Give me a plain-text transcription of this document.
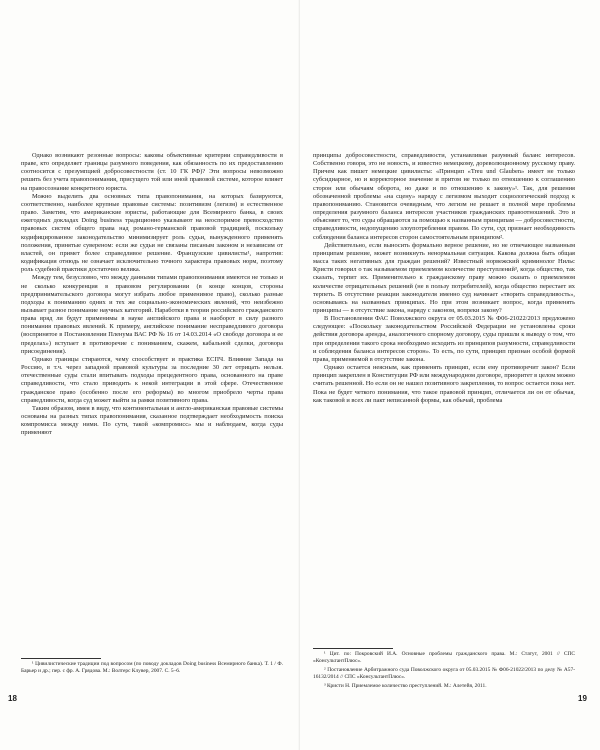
Однако возникают резонные вопросы: каковы объективные критерии справедливости в праве, кто определяет границы разумного поведения, как обязанность по их предоставлению соотносится с презумпцией добросовестности (ст. 10 ГК РФ)? Эти вопросы невозможно решить без учета правопонимания, присущего той или иной правовой системе, которое влияет на правосознание конкретного юриста.

Можно выделить два основных типа правопонимания, на которых базируются, соответственно, наиболее крупные правовые системы: позитивизм (легизм) и естественное право. Заметим, что американские юристы, работающие для Всемирного банка, в своих ежегодных докладах Doing business традиционно указывают на неоспоримое превосходство правовых систем общего права над романо-германской правовой традицией, поскольку кодифицированное законодательство минимизирует роль судьи, вынужденного применять положения, принятые сувереном: если же судьи не связаны писаным законом и независим от властей, он примет более справедливое решение. Французские цивилисты¹, напротив: кодификация отнюдь не означает исключительно точного характера правовых норм, поэтому роль судебной практики достаточно велика.

Между тем, безусловно, что между данными типами правопонимания имеются не только и не сколько конкуренция в правовом регулировании (в конце концов, стороны предпринимательского договора могут избрать любое применимое право), сколько разные подходы к пониманию одних и тех же социально-экономических явлений, что неизбежно вызывает разное понимание научных категорий. Наработки в теории российского гражданского права вряд ли будут применимы в науке английского права и наоборот в силу разного понимания правовых явлений. К примеру, английское понимание несправедливого договора (воспринятое в Постановлении Пленума ВАС РФ № 16 от 14.03.2014 «О свободе договора и ее пределах») вступает в противоречие с пониманием, скажем, кабальной сделки, договора присоединения).

Однако границы стираются, чему способствует и практика ЕСПЧ. Влияние Запада на Россию, в т.ч. через западной правовой культуры за последние 30 лет отрицать нельзя. отечественные суды стали впитывать подходы прецедентного права, основанного на праве справедливости, что стало приводить к некой интеграции в этой сфере. Отечественное гражданское право (особенно после его реформы) во многом приобрело черты права справедливости, когда суд может выйти за рамки позитивного права.

Таким образом, имея в виду, что континентальная и англо-американская правовые системы основаны на разных типах правопонимания, сказанное подтверждает необходимость поиска компромисса между ними. По сути, такой «компромисс» мы и наблюдаем, когда суды применяют

¹ Цивилистические традиции под вопросом (по поводу докладов Doing business Всемирного банка). Т. 1 / Ф. Барьер и др.; пер. с фр. А. Грядова. М.: Волтерс Клувер, 2007. С. 5–6.

18

принципы добросовестности, справедливости, устанавливая разумный баланс интересов. Собственно говоря, это не новость, и известно немецкому, дореволюционному русскому праву. Причем как пишет немецкие цивилисты: «Принцип «Treu und Glauben» имеет не только субсидиарное, но и корректорное значение и притом не только по отношению к соглашению сторон или обычаям оборота, но даже и по отношению к закону»¹. Так, для решения обозначенной проблемы «на сцену» наряду с легизмом выходит социологический подход к правопониманию. Становится очевидным, что легизм не решает в полной мере проблемы определения разумного баланса интересов участников гражданских правоотношений. Это и объясняет то, что суды обращаются за помощью к названным принципам — добросовестности, справедливости, недопущению злоупотребления правом. По сути, суд признает необходимость соблюдения баланса интересов сторон самостоятельным принципом².

Действительно, если выносить формально верное решение, но не отвечающее названным принципам решение, может возникнуть ненормальная ситуация. Какова должна быть общая масса таких негативных для граждан решений? Известный норвежский криминолог Нильс Кристи говорил о так называемом приемлемом количестве преступлений³, когда общество, так сказать, терпит их. Применительно к гражданскому праву можно сказать о приемлемом количестве отрицательных решений (не в пользу потребителей), когда общество перестает их терпеть. В отсутствие реакции законодателя именно суд начинает «творить справедливость», основываясь на названных принципах. Но при этом возникает вопрос, когда применять принципы — в отсутствие закона, наряду с законом, вопреки закону?

В Постановлении ФАС Поволжского округа от 05.03.2015 № Ф06-21022/2013 предложено следующее: «Поскольку законодательством Российской Федерации не установлены сроки действия договора аренды, аналогичного спорному договору, суды пришли к выводу о том, что при определении такого срока необходимо исходить из принципов разумности, справедливости и соблюдения баланса интересов сторон». То есть, по сути, принцип признан особой формой права, применяемой в отсутствие закона.

Однако остается неясным, как применять принцип, если ему противоречит закон? Если принцип закреплен в Конституции РФ или международном договоре, приоритет в целом можно считать решенной. Но если он не нашел позитивного закрепления, то вопрос остается пока нет. Пока не будет четкого понимания, что такое правовой принцип, отличается ли он от обычая, как таковой и всех ли пакт неписанной формы, как обычай, проблема

¹ Цит. по: Покровский И.А. Основные проблемы гражданского права. М.: Статут, 2001 // СПС «КонсультантПлюс».

² Постановление Арбитражного суда Поволжского округа от 05.03.2015 № Ф06-21022/2013 по делу № А57-16132/2014 // СПС «КонсультантПлюс».

³ Кристи Н. Приемлемое количество преступлений. М.: Алетейя, 2011.

19
